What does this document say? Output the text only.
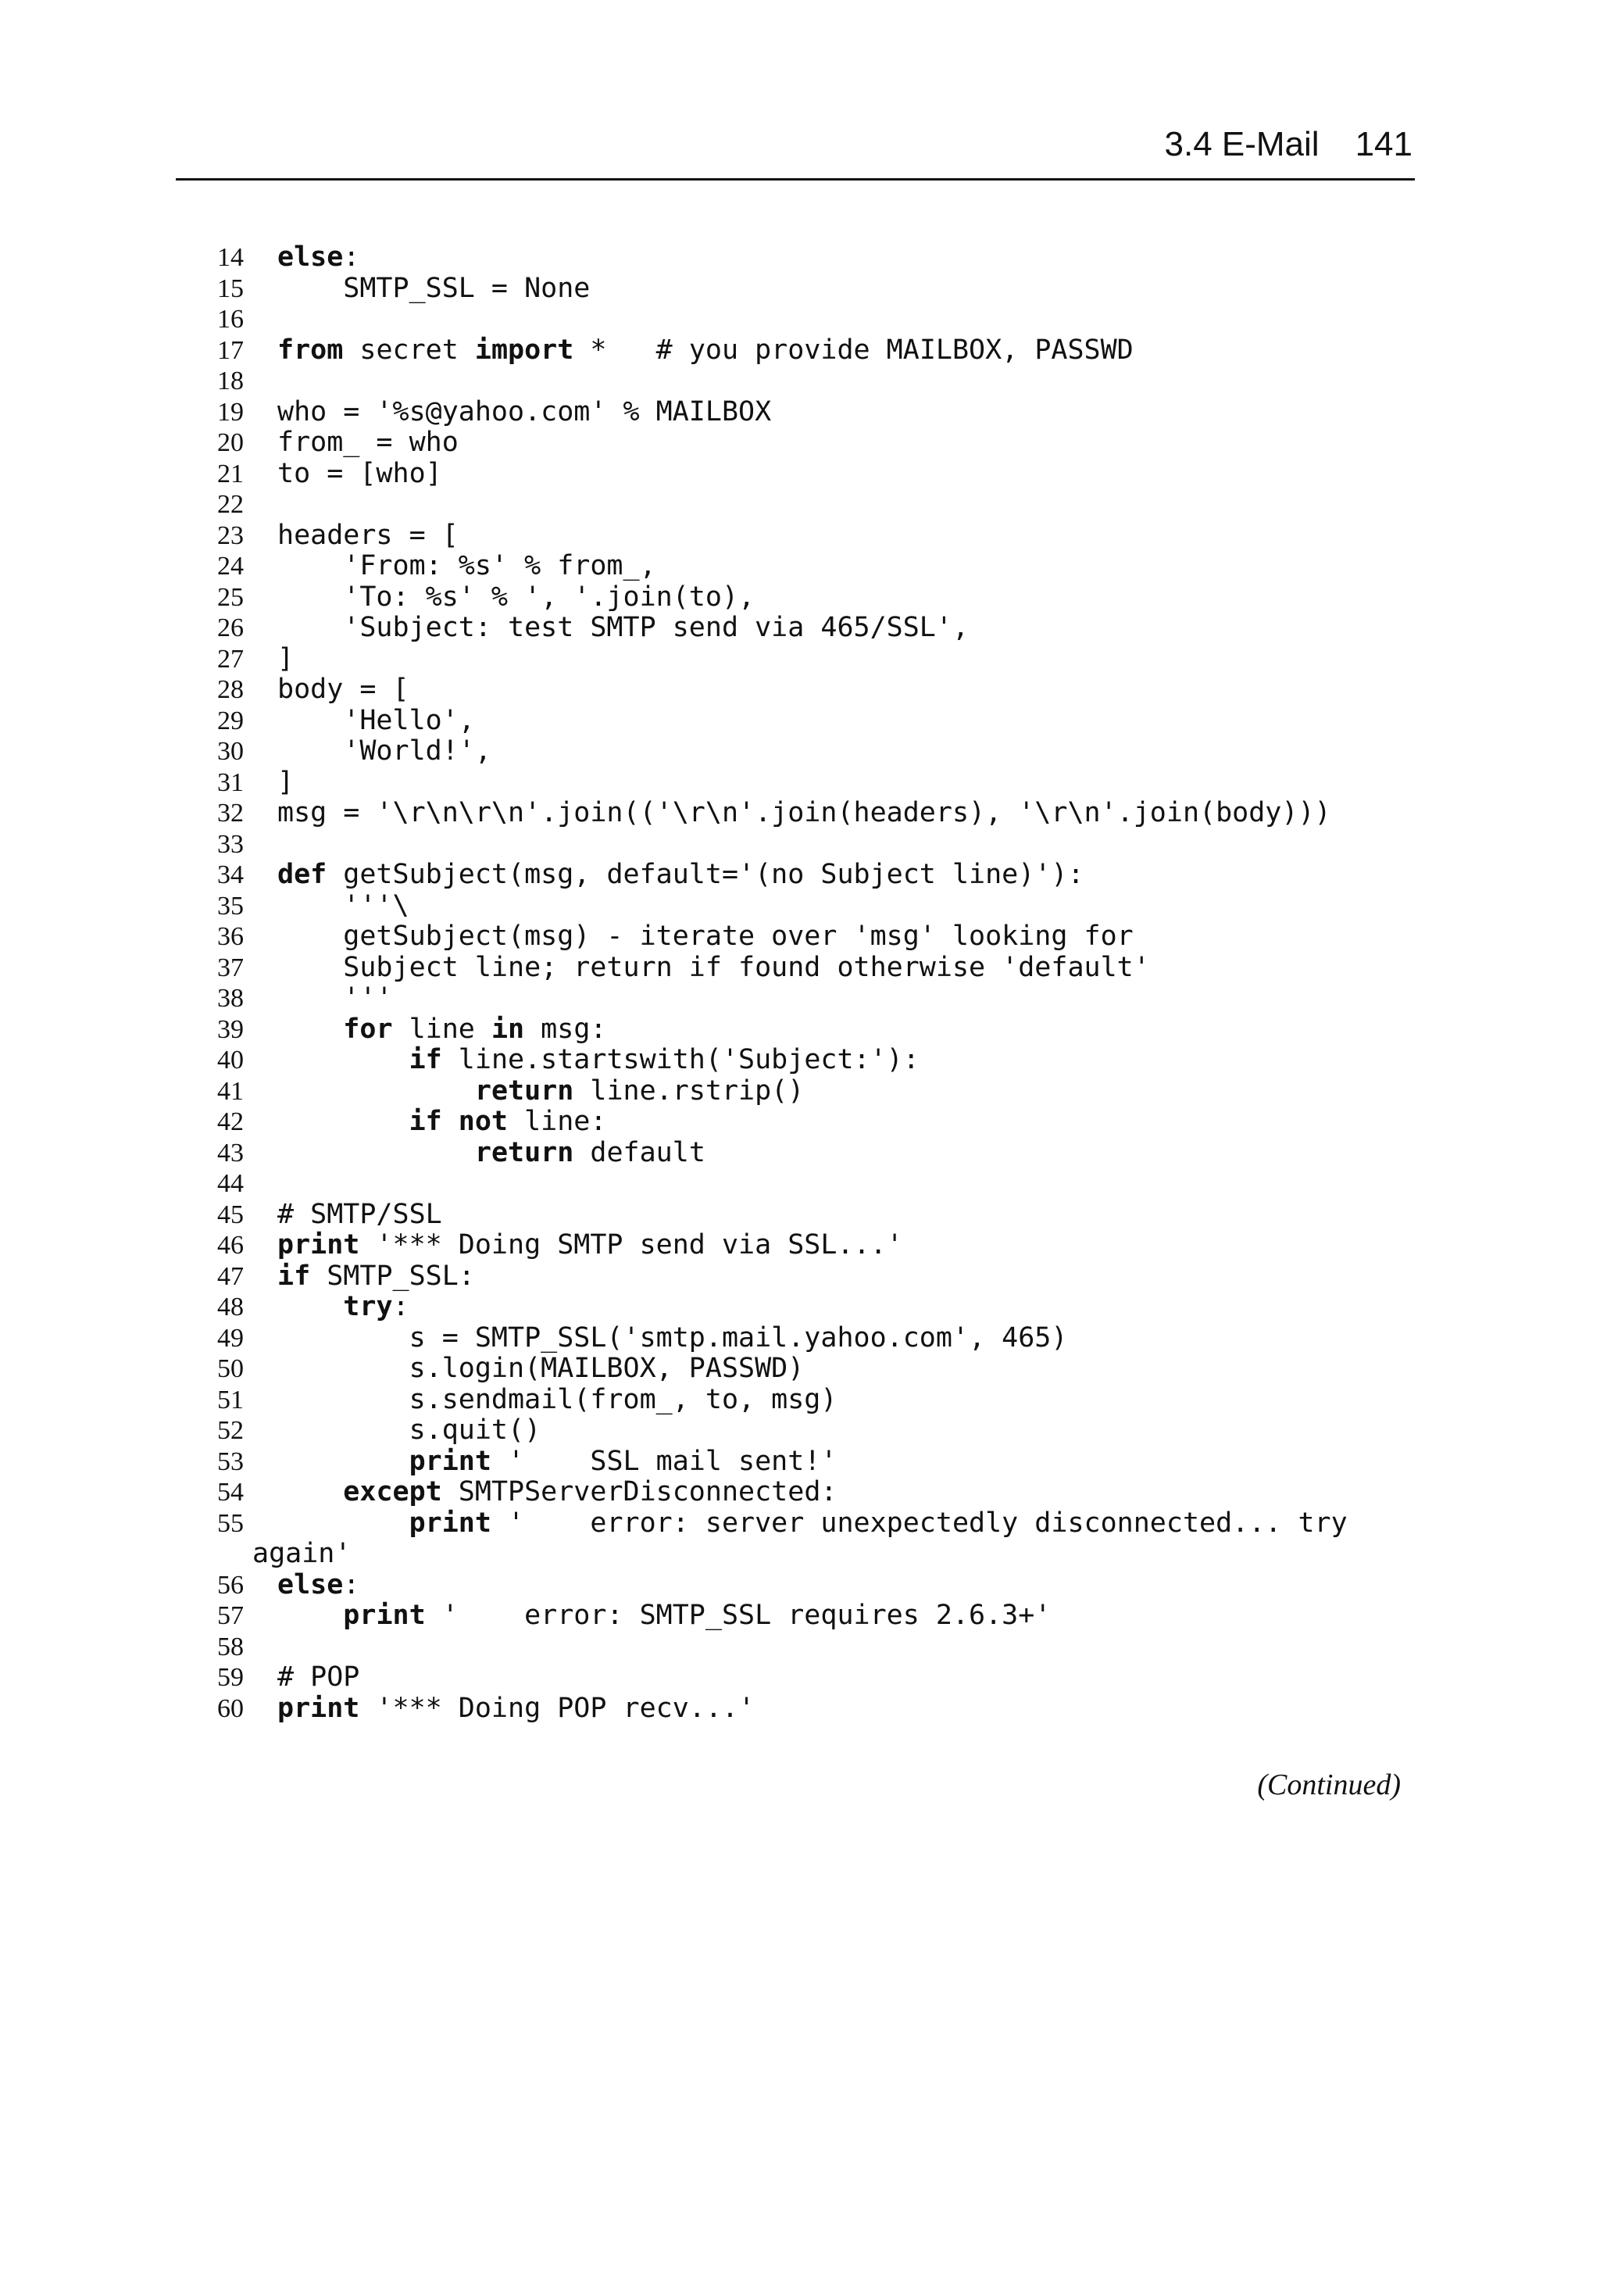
3.4 E-Mail 141
14 else:
15 SMTP_SSL = None
16
17 from secret import *   # you provide MAILBOX, PASSWD
18
19 who = '%s@yahoo.com' % MAILBOX
20 from_ = who
21 to = [who]
22
23 headers = [
24 'From: %s' % from_,
25 'To: %s' % ', '.join(to),
26 'Subject: test SMTP send via 465/SSL',
27 ]
28 body = [
29 'Hello',
30 'World!',
31 ]
32 msg = '\r\n\r\n'.join(('\r\n'.join(headers), '\r\n'.join(body)))
33
34 def getSubject(msg, default='(no Subject line)'):
35 '''\
36 getSubject(msg) - iterate over 'msg' looking for
37 Subject line; return if found otherwise 'default'
38 '''
39	for line in msg:
40	if line.startswith('Subject:'):
41	return line.rstrip()
42	if not line:
43	return default
44
45 # SMTP/SSL
46 print '*** Doing SMTP send via SSL...'
47 if SMTP_SSL:
48	try:
49 s = SMTP_SSL('smtp.mail.yahoo.com', 465)
50 s.login(MAILBOX, PASSWD)
51 s.sendmail(from_, to, msg)
52 s.quit()
53	print '    SSL mail sent!'
54	except SMTPServerDisconnected:
55	print '    error: server unexpectedly disconnected... try
again'
56 else:
57	print '    error: SMTP_SSL requires 2.6.3+'
58
59 # POP
60 print '*** Doing POP recv...'
(Continued)
